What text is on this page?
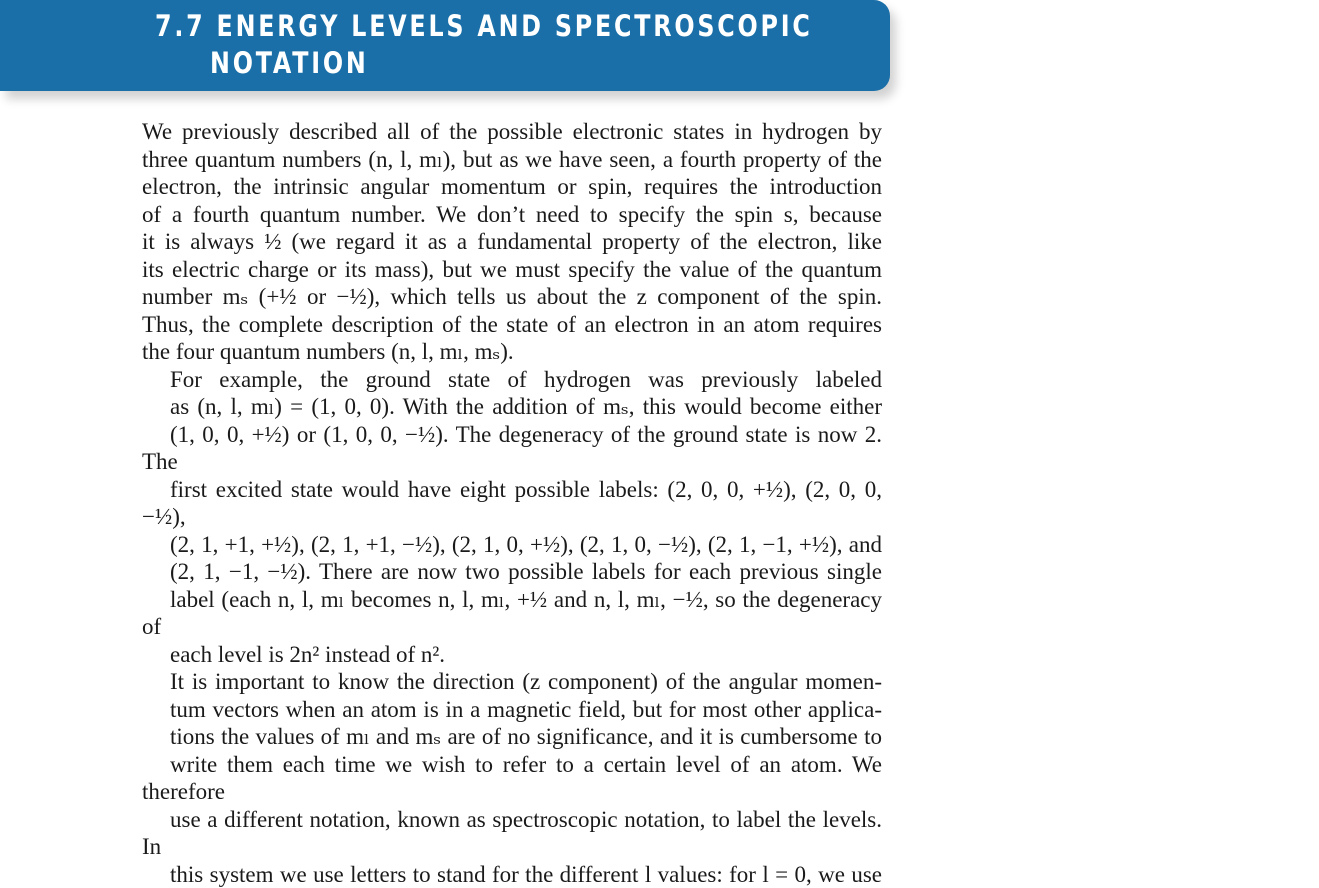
7.7 ENERGY LEVELS AND SPECTROSCOPIC
NOTATION

We previously described all of the possible electronic states in hydrogen by
three quantum numbers (n, l, mₗ), but as we have seen, a fourth property of the
electron, the intrinsic angular momentum or spin, requires the introduction
of a fourth quantum number. We don’t need to specify the spin s, because
it is always ½ (we regard it as a fundamental property of the electron, like
its electric charge or its mass), but we must specify the value of the quantum
number mₛ (+½ or −½), which tells us about the z component of the spin.
Thus, the complete description of the state of an electron in an atom requires
the four quantum numbers (n, l, mₗ, mₛ).

For example, the ground state of hydrogen was previously labeled
as (n, l, mₗ) = (1, 0, 0). With the addition of mₛ, this would become either
(1, 0, 0, +½) or (1, 0, 0, −½). The degeneracy of the ground state is now 2. The
first excited state would have eight possible labels: (2, 0, 0, +½), (2, 0, 0, −½),
(2, 1, +1, +½), (2, 1, +1, −½), (2, 1, 0, +½), (2, 1, 0, −½), (2, 1, −1, +½), and
(2, 1, −1, −½). There are now two possible labels for each previous single
label (each n, l, mₗ becomes n, l, mₗ, +½ and n, l, mₗ, −½, so the degeneracy of
each level is 2n² instead of n².

It is important to know the direction (z component) of the angular momen-
tum vectors when an atom is in a magnetic field, but for most other applica-
tions the values of mₗ and mₛ are of no significance, and it is cumbersome to
write them each time we wish to refer to a certain level of an atom. We therefore
use a different notation, known as spectroscopic notation, to label the levels. In
this system we use letters to stand for the different l values: for l = 0, we use
